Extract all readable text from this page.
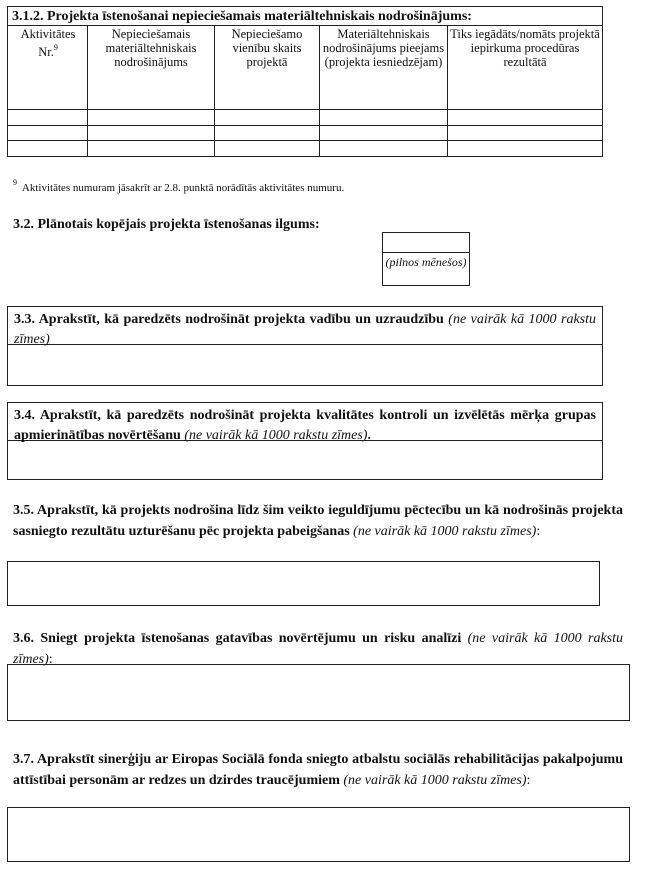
3.1.2. Projekta īstenošanai nepieciešamais materiāltehniskais nodrošinājums:
Aktivitātes Nr.$^9$
Nepieciešamais materiāltehniskais nodrošinājums
Nepieciešamo vienību skaits projektā
Materiāltehniskais nodrošinājums pieejams (projekta iesniedzējam)
Tiks iegādāts/nomāts projektā iepirkuma procedūras rezultātā
$^9$ Aktivitātes numuram jāsakrīt ar 2.8. punktā norādītās aktivitātes numuru.
3.2. Plānotais kopējais projekta īstenošanas ilgums:
(pilnos mēnešos)
3.3. Aprakstīt, kā paredzēts nodrošināt projekta vadību un uzraudzību (ne vairāk kā 1000 rakstu zīmes)
3.4. Aprakstīt, kā paredzēts nodrošināt projekta kvalitātes kontroli un izvēlētās mērķa grupas apmierinātības novērtēšanu (ne vairāk kā 1000 rakstu zīmes).
3.5. Aprakstīt, kā projekts nodrošina līdz šim veikto ieguldījumu pēctecību un kā nodrošinās projekta sasniegto rezultātu uzturēšanu pēc projekta pabeigšanas (ne vairāk kā 1000 rakstu zīmes):
3.6. Sniegt projekta īstenošanas gatavības novērtējumu un risku analīzi (ne vairāk kā 1000 rakstu zīmes):
3.7. Aprakstīt sinerģiju ar Eiropas Sociālā fonda sniegto atbalstu sociālās rehabilitācijas pakalpojumu attīstībai personām ar redzes un dzirdes traucējumiem (ne vairāk kā 1000 rakstu zīmes):
